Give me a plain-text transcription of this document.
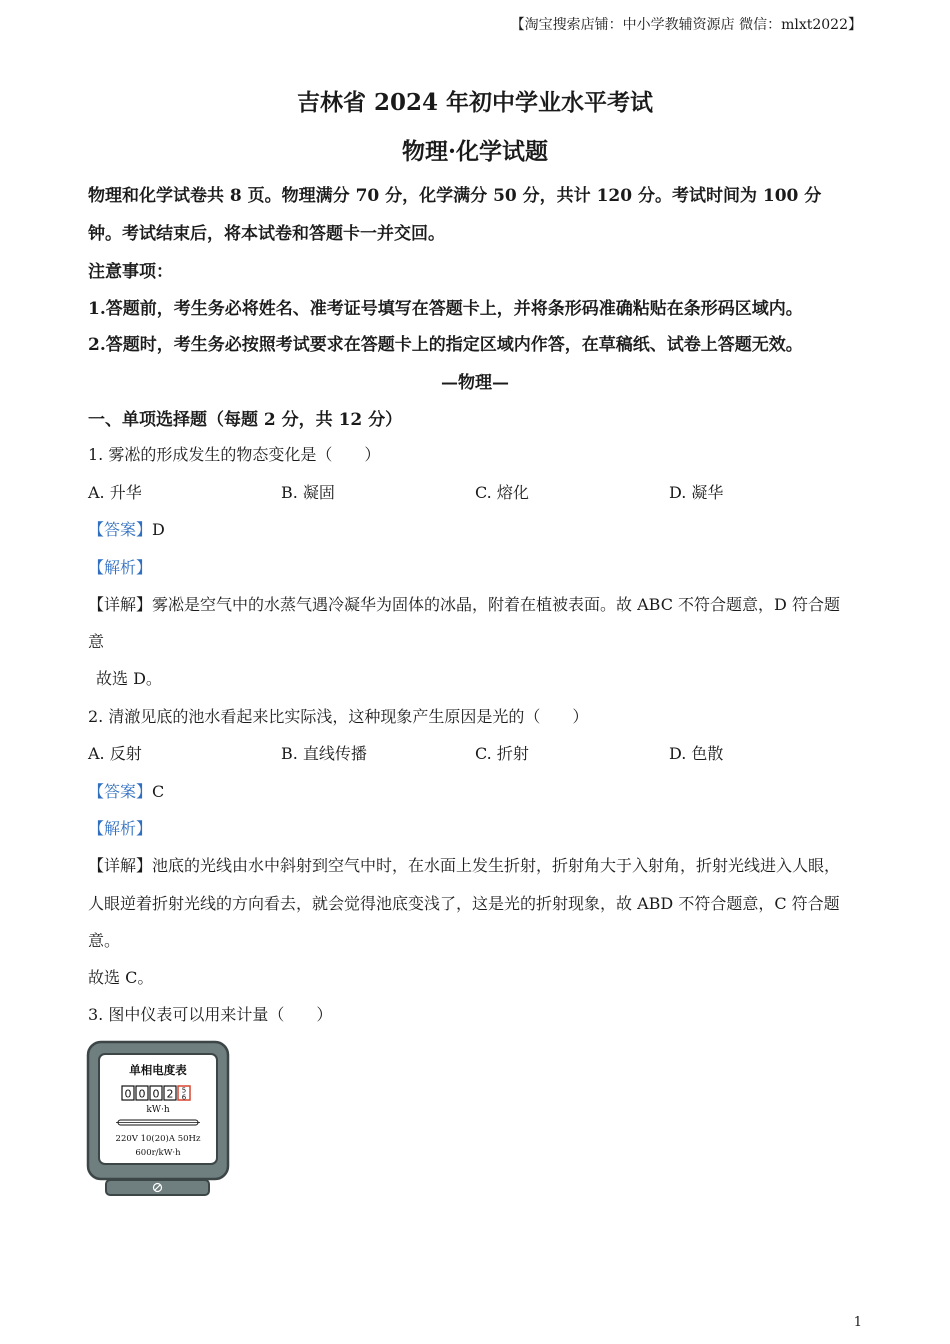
【淘宝搜索店铺：中小学教辅资源店 微信：mlxt2022】
吉林省 2024 年初中学业水平考试
物理·化学试题
物理和化学试卷共 8 页。物理满分 70 分，化学满分 50 分，共计 120 分。考试时间为 100 分
钟。考试结束后，将本试卷和答题卡一并交回。
注意事项：
1.答题前，考生务必将姓名、准考证号填写在答题卡上，并将条形码准确粘贴在条形码区域内。
2.答题时，考生务必按照考试要求在答题卡上的指定区域内作答，在草稿纸、试卷上答题无效。
—物理—
一、单项选择题（每题 2 分，共 12 分）
1. 雾凇的形成发生的物态变化是（　　）
A. 升华	B. 凝固	C. 熔化	D. 凝华
【答案】D
【解析】
【详解】雾凇是空气中的水蒸气遇冷凝华为固体的冰晶，附着在植被表面。故 ABC 不符合题意，D 符合题
意
故选 D。
2. 清澈见底的池水看起来比实际浅，这种现象产生原因是光的（　　）
A. 反射	B. 直线传播	C. 折射	D. 色散
【答案】C
【解析】
【详解】池底的光线由水中斜射到空气中时，在水面上发生折射，折射角大于入射角，折射光线进入人眼，
人眼逆着折射光线的方向看去，就会觉得池底变浅了，这是光的折射现象，故 ABD 不符合题意，C 符合题
意。
故选 C。
3. 图中仪表可以用来计量（　　）
单相电度表
0 0 0 2 5
6
kW·h
220V 10(20)A 50Hz
600r/kW·h
1
